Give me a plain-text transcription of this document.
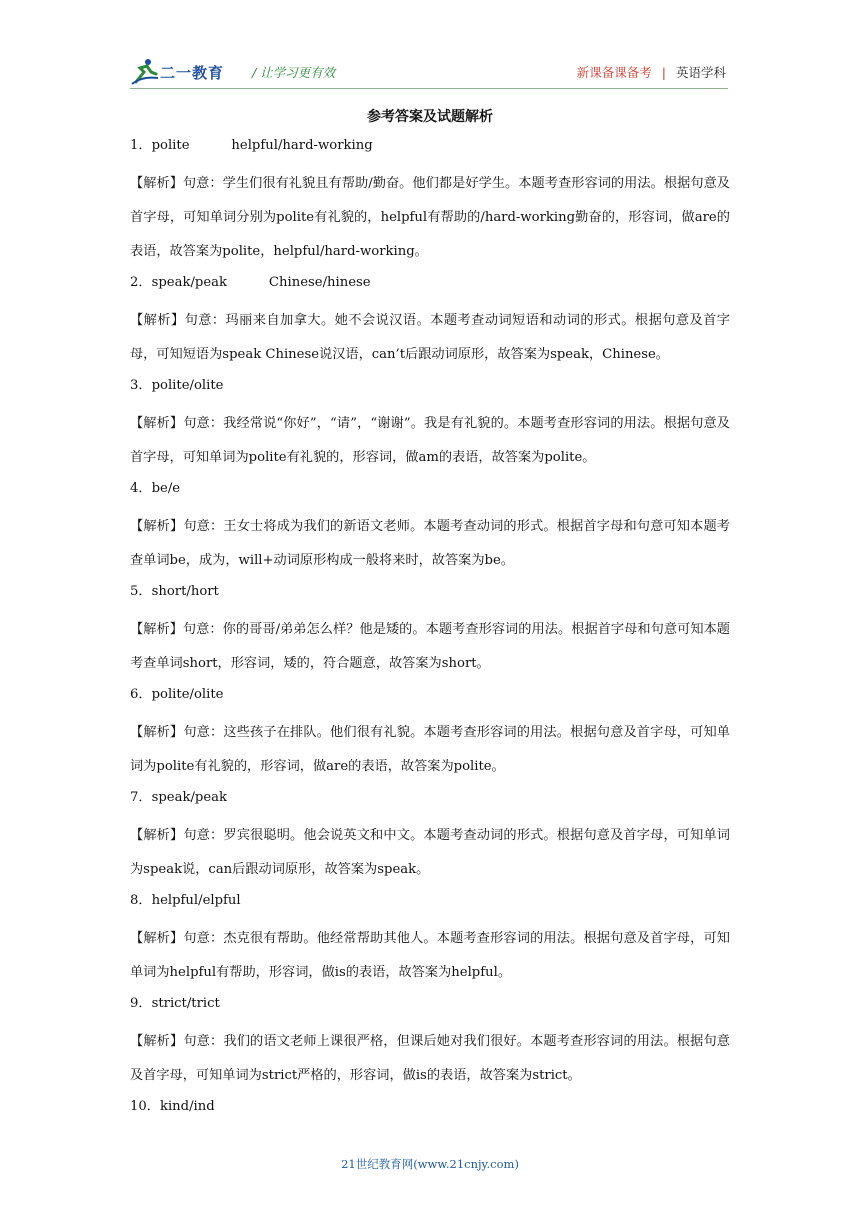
二一教育 / 让学习更有效	新课备课备考 | 英语学科
参考答案及试题解析
1．polite          helpful/hard-working
【解析】句意：学生们很有礼貌且有帮助/勤奋。他们都是好学生。本题考查形容词的用法。根据句意及首字母，可知单词分别为polite有礼貌的，helpful有帮助的/hard-working勤奋的，形容词，做are的表语，故答案为polite，helpful/hard-working。
2．speak/peak          Chinese/hinese
【解析】句意：玛丽来自加拿大。她不会说汉语。本题考查动词短语和动词的形式。根据句意及首字母，可知短语为speak Chinese说汉语，can’t后跟动词原形，故答案为speak，Chinese。
3．polite/olite
【解析】句意：我经常说“你好”，“请”，“谢谢”。我是有礼貌的。本题考查形容词的用法。根据句意及首字母，可知单词为polite有礼貌的，形容词，做am的表语，故答案为polite。
4．be/e
【解析】句意：王女士将成为我们的新语文老师。本题考查动词的形式。根据首字母和句意可知本题考查单词be，成为，will+动词原形构成一般将来时，故答案为be。
5．short/hort
【解析】句意：你的哥哥/弟弟怎么样？他是矮的。本题考查形容词的用法。根据首字母和句意可知本题考查单词short，形容词，矮的，符合题意，故答案为short。
6．polite/olite
【解析】句意：这些孩子在排队。他们很有礼貌。本题考查形容词的用法。根据句意及首字母，可知单词为polite有礼貌的，形容词，做are的表语，故答案为polite。
7．speak/peak
【解析】句意：罗宾很聪明。他会说英文和中文。本题考查动词的形式。根据句意及首字母，可知单词为speak说，can后跟动词原形，故答案为speak。
8．helpful/elpful
【解析】句意：杰克很有帮助。他经常帮助其他人。本题考查形容词的用法。根据句意及首字母，可知单词为helpful有帮助，形容词，做is的表语，故答案为helpful。
9．strict/trict
【解析】句意：我们的语文老师上课很严格，但课后她对我们很好。本题考查形容词的用法。根据句意及首字母，可知单词为strict严格的，形容词，做is的表语，故答案为strict。
10．kind/ind
21世纪教育网(www.21cnjy.com)
